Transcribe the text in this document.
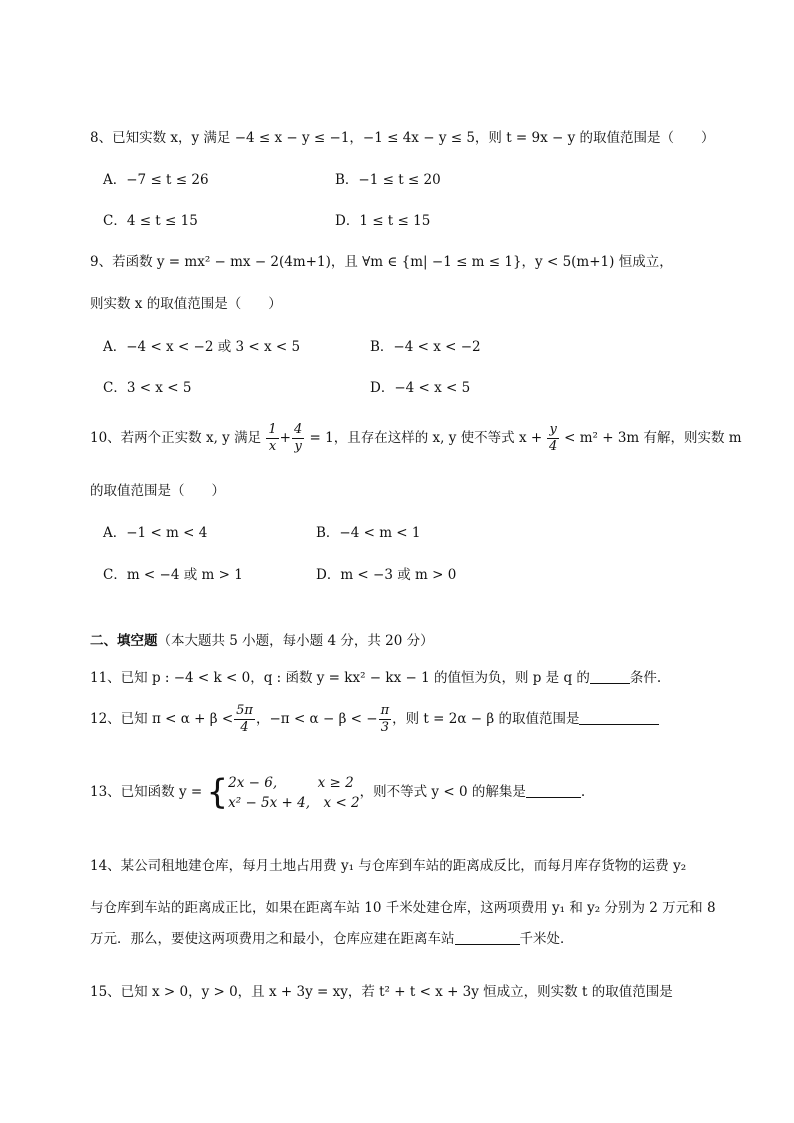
8、已知实数 x，y 满足 −4 ≤ x − y ≤ −1，−1 ≤ 4x − y ≤ 5，则 t = 9x − y 的取值范围是（　　）
A．−7 ≤ t ≤ 26	B．−1 ≤ t ≤ 20
C．4 ≤ t ≤ 15	D．1 ≤ t ≤ 15
9、若函数 y = mx² − mx − 2(4m+1)，且 ∀m ∈ {m| −1 ≤ m ≤ 1}，y < 5(m+1) 恒成立，
则实数 x 的取值范围是（　　）
A．−4 < x < −2 或 3 < x < 5	B．−4 < x < −2
C．3 < x < 5	D．−4 < x < 5
10、若两个正实数 x, y 满足 $\frac{1}{x} + \frac{4}{y} = 1$，且存在这样的 x, y 使不等式 $x + \frac{y}{4} < m^2 + 3m$ 有解，则实数 m
的取值范围是（　　）
A．−1 < m < 4	B．−4 < m < 1
C．m < −4 或 m > 1	D．m < −3 或 m > 0
二、填空题（本大题共 5 小题，每小题 4 分，共 20 分）
11、已知 p : −4 < k < 0，q : 函数 y = kx² − kx − 1 的值恒为负，则 p 是 q 的	条件.
12、已知 $\pi < \alpha + \beta < \frac{5\pi}{4}$ ，−π < α − β < − $\frac{\pi}{3}$ ，则 t = 2α − β 的取值范围是
13、已知函数 y = { 2x − 6,　　　x ≥ 2
x² − 5x + 4,　x < 2
，则不等式 y < 0 的解集是	.
14、某公司租地建仓库，每月土地占用费 y₁ 与仓库到车站的距离成反比，而每月库存货物的运费 y₂
与仓库到车站的距离成正比，如果在距离车站 10 千米处建仓库，这两项费用 y₁ 和 y₂ 分别为 2 万元和 8
万元．那么，要使这两项费用之和最小，仓库应建在距离车站	千米处．
15、已知 x > 0，y > 0，且 x + 3y = xy，若 t² + t < x + 3y 恒成立，则实数 t 的取值范围是
